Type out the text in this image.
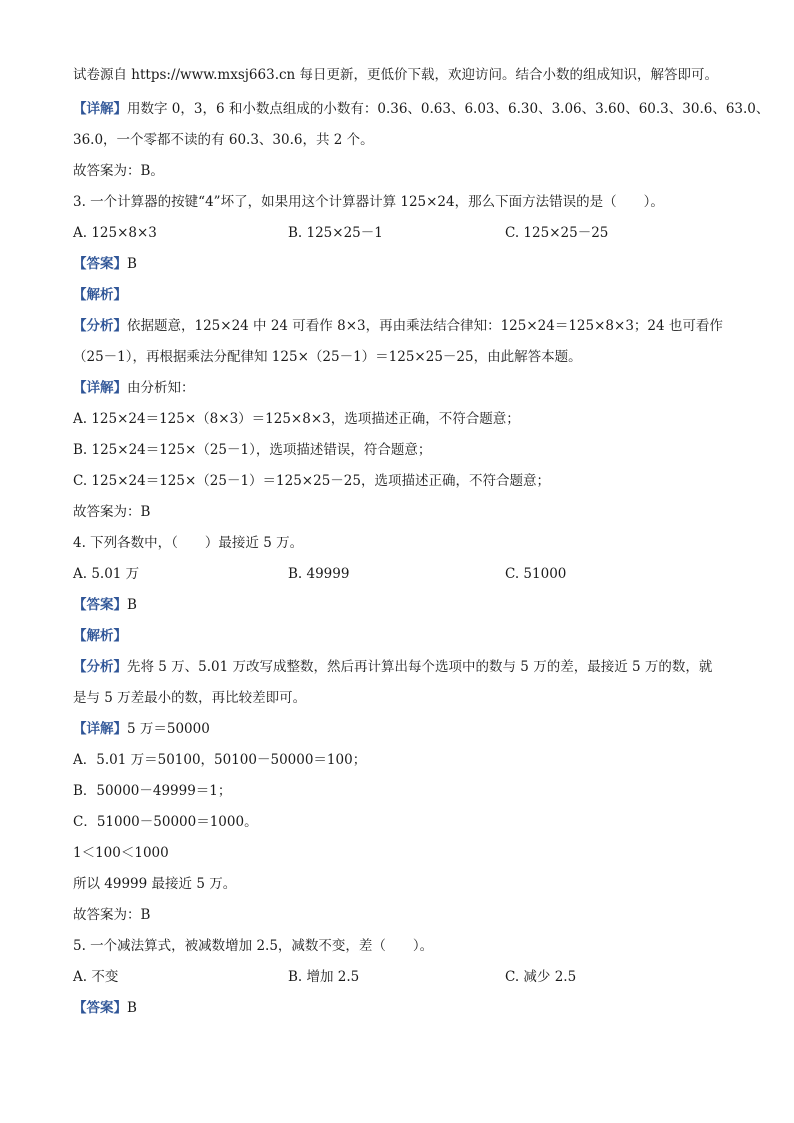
试卷源自 https://www.mxsj663.cn 每日更新，更低价下载，欢迎访问。结合小数的组成知识，解答即可。
【详解】用数字 0，3，6 和小数点组成的小数有：0.36、0.63、6.03、6.30、3.06、3.60、60.3、30.6、63.0、
36.0，一个零都不读的有 60.3、30.6，共 2 个。
故答案为：B。
3. 一个计算器的按键“4”坏了，如果用这个计算器计算 125×24，那么下面方法错误的是（　　）。
A. 125×8×3	B. 125×25－1	C. 125×25－25
【答案】B
【解析】
【分析】依据题意，125×24 中 24 可看作 8×3，再由乘法结合律知：125×24＝125×8×3；24 也可看作
（25－1），再根据乘法分配律知 125×（25－1）＝125×25－25，由此解答本题。
【详解】由分析知：
A. 125×24＝125×（8×3）＝125×8×3，选项描述正确，不符合题意；
B. 125×24＝125×（25－1），选项描述错误，符合题意；
C. 125×24＝125×（25－1）＝125×25－25，选项描述正确，不符合题意；
故答案为：B
4. 下列各数中，（　　）最接近 5 万。
A. 5.01 万	B. 49999	C. 51000
【答案】B
【解析】
【分析】先将 5 万、5.01 万改写成整数，然后再计算出每个选项中的数与 5 万的差，最接近 5 万的数，就
是与 5 万差最小的数，再比较差即可。
【详解】5 万＝50000
A．5.01 万＝50100，50100－50000＝100；
B．50000－49999＝1；
C．51000－50000＝1000。
1＜100＜1000
所以 49999 最接近 5 万。
故答案为：B
5. 一个减法算式，被减数增加 2.5，减数不变，差（　　）。
A. 不变	B. 增加 2.5	C. 减少 2.5
【答案】B
